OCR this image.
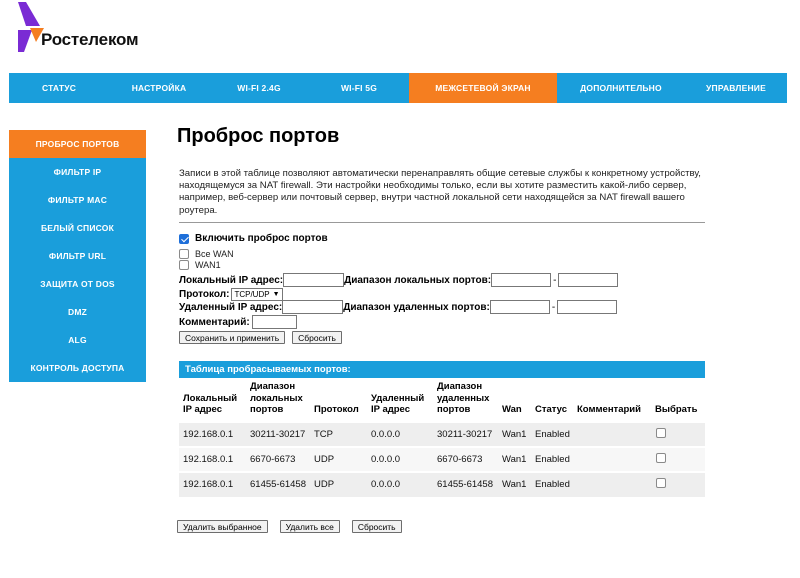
Ростелеком
СТАТУС	НАСТРОЙКА	WI-FI 2.4G	WI-FI 5G	МЕЖСЕТЕВОЙ ЭКРАН	ДОПОЛНИТЕЛЬНО	УПРАВЛЕНИЕ
ПРОБРОС ПОРТОВ
ФИЛЬТР IP
ФИЛЬТР MAC
БЕЛЫЙ СПИСОК
ФИЛЬТР URL
ЗАЩИТА ОТ DOS
DMZ
ALG
КОНТРОЛЬ ДОСТУПА
Проброс портов

Записи в этой таблице позволяют автоматически перенаправлять общие сетевые службы к конкретному устройству, находящемуся за NAT firewall. Эти настройки необходимы только, если вы хотите разместить какой-либо сервер, например, веб-сервер или почтовый сервер, внутри частной локальной сети находящейся за NAT firewall вашего роутера.

Включить проброс портов
Все WAN
WAN1
Локальный IP адрес:	Диапазон локальных портов:	-
Протокол: TCP/UDP ▼
Удаленный IP адрес:	Диапазон удаленных портов:	-
Комментарий:
Сохранить и применить	Сбросить
Таблица пробрасываемых портов:
Локальный IP адрес	Диапазон локальных портов	Протокол	Удаленный IP адрес	Диапазон удаленных портов	Wan	Статус	Комментарий	Выбрать
192.168.0.1	30211-30217	TCP	0.0.0.0	30211-30217	Wan1	Enabled		
192.168.0.1	6670-6673	UDP	0.0.0.0	6670-6673	Wan1	Enabled		
192.168.0.1	61455-61458	UDP	0.0.0.0	61455-61458	Wan1	Enabled		
Удалить выбранное	Удалить все	Сбросить
